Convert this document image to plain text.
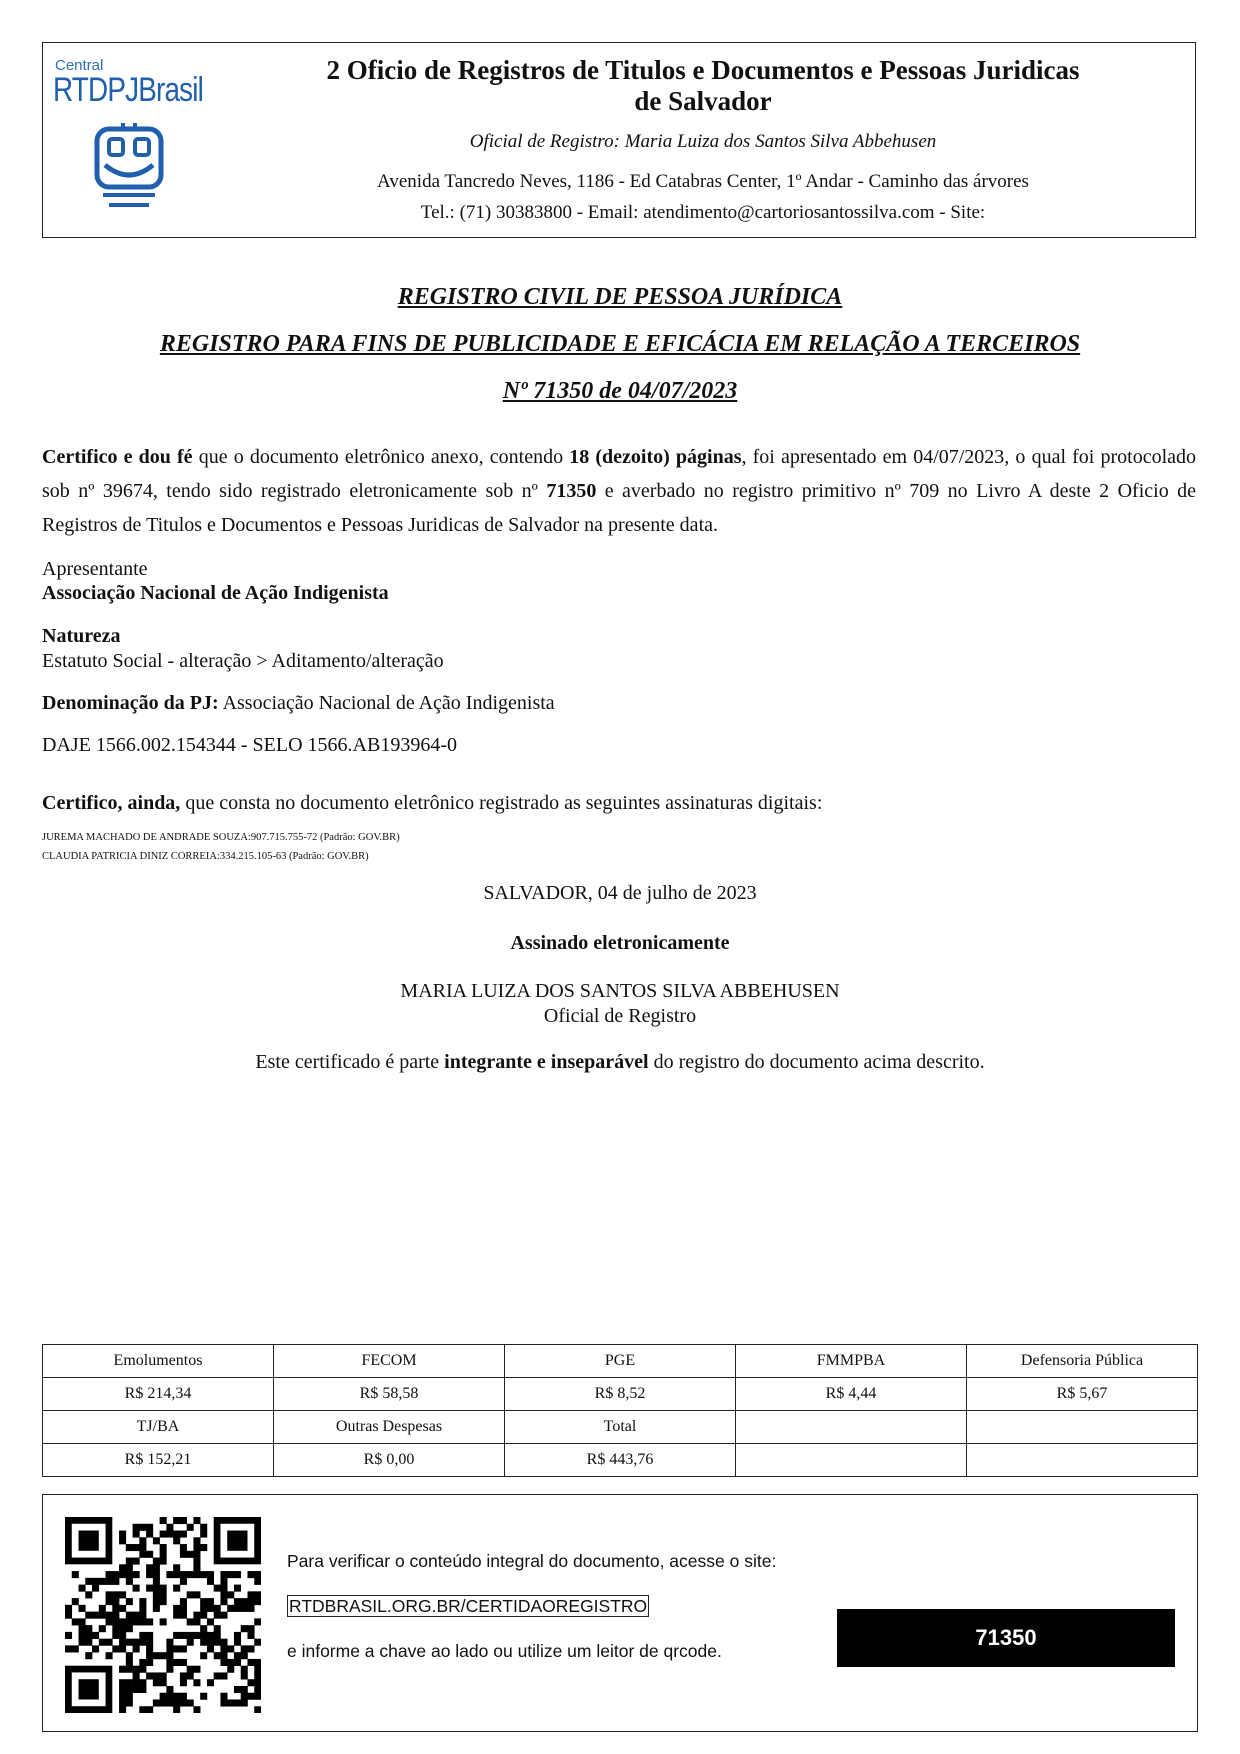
Central
RTDPJBrasil
2 Oficio de Registros de Titulos e Documentos e Pessoas Juridicas
de Salvador
Oficial de Registro: Maria Luiza dos Santos Silva Abbehusen
Avenida Tancredo Neves, 1186 - Ed Catabras Center, 1º Andar - Caminho das árvores
Tel.: (71) 30383800 - Email: atendimento@cartoriosantossilva.com - Site:
REGISTRO CIVIL DE PESSOA JURÍDICA
REGISTRO PARA FINS DE PUBLICIDADE E EFICÁCIA EM RELAÇÃO A TERCEIROS
Nº 71350 de 04/07/2023
Certifico e dou fé que o documento eletrônico anexo, contendo 18 (dezoito) páginas, foi apresentado em 04/07/2023, o qual foi protocolado sob nº 39674, tendo sido registrado eletronicamente sob nº 71350 e averbado no registro primitivo nº 709 no Livro A deste 2 Oficio de Registros de Titulos e Documentos e Pessoas Juridicas de Salvador na presente data.
Apresentante
Associação Nacional de Ação Indigenista
Natureza
Estatuto Social - alteração > Aditamento/alteração
Denominação da PJ: Associação Nacional de Ação Indigenista
DAJE 1566.002.154344 - SELO 1566.AB193964-0
Certifico, ainda, que consta no documento eletrônico registrado as seguintes assinaturas digitais:
JUREMA MACHADO DE ANDRADE SOUZA:907.715.755-72 (Padrão: GOV.BR)
CLAUDIA PATRICIA DINIZ CORREIA:334.215.105-63 (Padrão: GOV.BR)
SALVADOR, 04 de julho de 2023
Assinado eletronicamente
MARIA LUIZA DOS SANTOS SILVA ABBEHUSEN
Oficial de Registro
Este certificado é parte integrante e inseparável do registro do documento acima descrito.
Emolumentos	FECOM	PGE	FMMPBA	Defensoria Pública
R$ 214,34	R$ 58,58	R$ 8,52	R$ 4,44	R$ 5,67
TJ/BA	Outras Despesas	Total		
R$ 152,21	R$ 0,00	R$ 443,76		
Para verificar o conteúdo integral do documento, acesse o site:
RTDBRASIL.ORG.BR/CERTIDAOREGISTRO
e informe a chave ao lado ou utilize um leitor de qrcode.
71350
